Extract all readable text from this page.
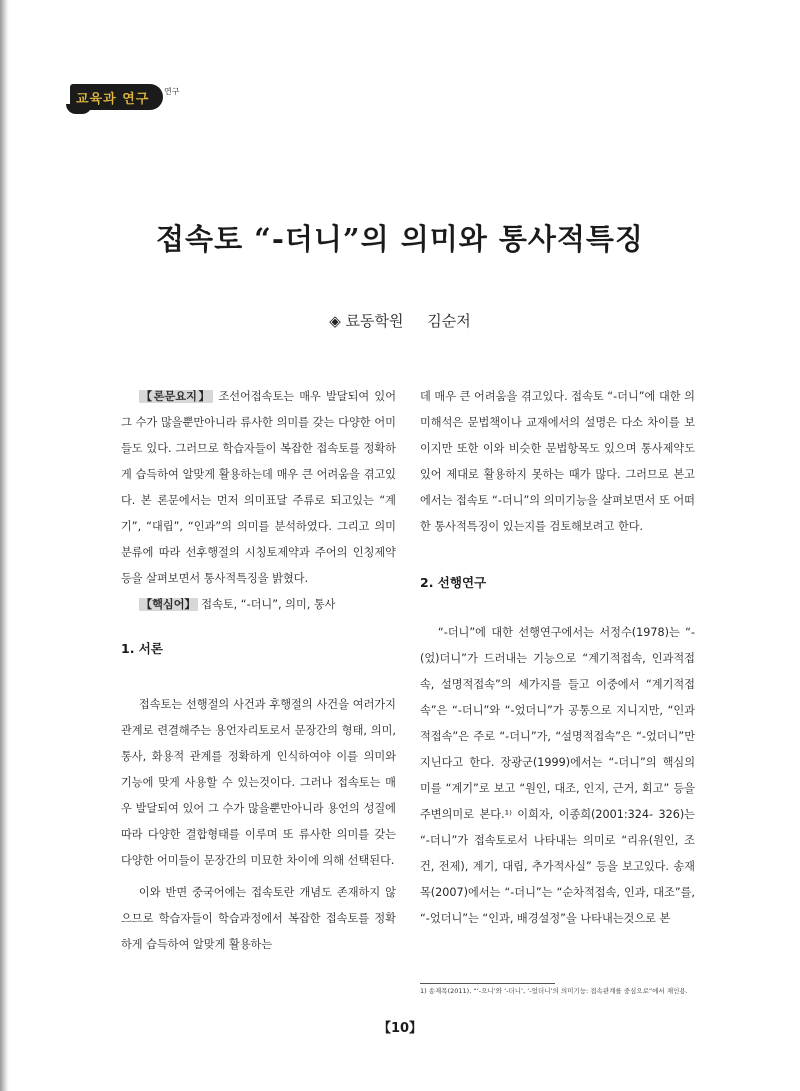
교육과 연구 연구
접속토 “-더니”의 의미와 통사적특징
◈ 료동학원     김순저

【론문요지】 조선어접속토는 매우 발달되여 있어 그 수가 많을뿐만아니라 류사한 의미를 갖는 다양한 어미들도 있다. 그러므로 학습자들이 복잡한 접속토를 정확하게 습득하여 알맞게 활용하는데 매우 큰 어려움을 겪고있다. 본 론문에서는 먼저 의미표달 주류로 되고있는 “계기”, “대립”, “인과”의 의미를 분석하였다. 그리고 의미분류에 따라 선후행절의 시칭토제약과 주어의 인칭제약 등을 살펴보면서 통사적특징을 밝혔다.

【핵심어】 접속토, “-더니”, 의미, 통사

1. 서론

접속토는 선행절의 사건과 후행절의 사건을 여러가지 관계로 련결해주는 용언자리토로서 문장간의 형태, 의미, 통사, 화용적 관계를 정확하게 인식하여야 이를 의미와 기능에 맞게 사용할 수 있는것이다. 그러나 접속토는 매우 발달되여 있어 그 수가 많을뿐만아니라 용언의 성질에 따라 다양한 결합형태를 이루며 또 류사한 의미를 갖는 다양한 어미들이 문장간의 미묘한 차이에 의해 선택된다.

이와 반면 중국어에는 접속토란 개념도 존재하지 않으므로 학습자들이 학습과정에서 복잡한 접속토를 정확하게 습득하여 알맞게 활용하는

데 매우 큰 어려움을 겪고있다. 접속토 “-더니”에 대한 의미해석은 문법책이나 교재에서의 설명은 다소 차이를 보이지만 또한 이와 비슷한 문법항목도 있으며 통사제약도 있어 제대로 활용하지 못하는 때가 많다. 그러므로 본고에서는 접속토 “-더니”의 의미기능을 살펴보면서 또 어떠한 통사적특징이 있는지를 검토해보려고 한다.

2. 선행연구

“-더니”에 대한 선행연구에서는 서정수(1978)는 “-(었)더니”가 드러내는 기능으로 “계기적접속, 인과적접속, 설명적접속”의 세가지를 들고 이중에서 “계기적접속”은 “-더니”와 “-었더니”가 공통으로 지니지만, “인과적접속”은 주로 “-더니”가, “설명적접속”은 “-었더니”만 지닌다고 한다. 장광군(1999)에서는 “-더니”의 핵심의미를 “계기”로 보고 “원인, 대조, 인지, 근거, 회고” 등을 주변의미로 본다.¹⁾ 이희자, 이종희(2001:324- 326)는 “-더니”가 접속토로서 나타내는 의미로 “리유(원인, 조건, 전제), 계기, 대립, 추가적사실” 등을 보고있다. 송재목(2007)에서는 “-더니”는 “순차적접속, 인과, 대조”를, “-었더니”는 “인과, 배경설정”을 나타내는것으로 본

1) 송재목(2011), “‘-으니’와 ‘-더니’, ‘-었더니’의 의미기능: 접속관계를 중심으로”에서 재인용.
【10】
